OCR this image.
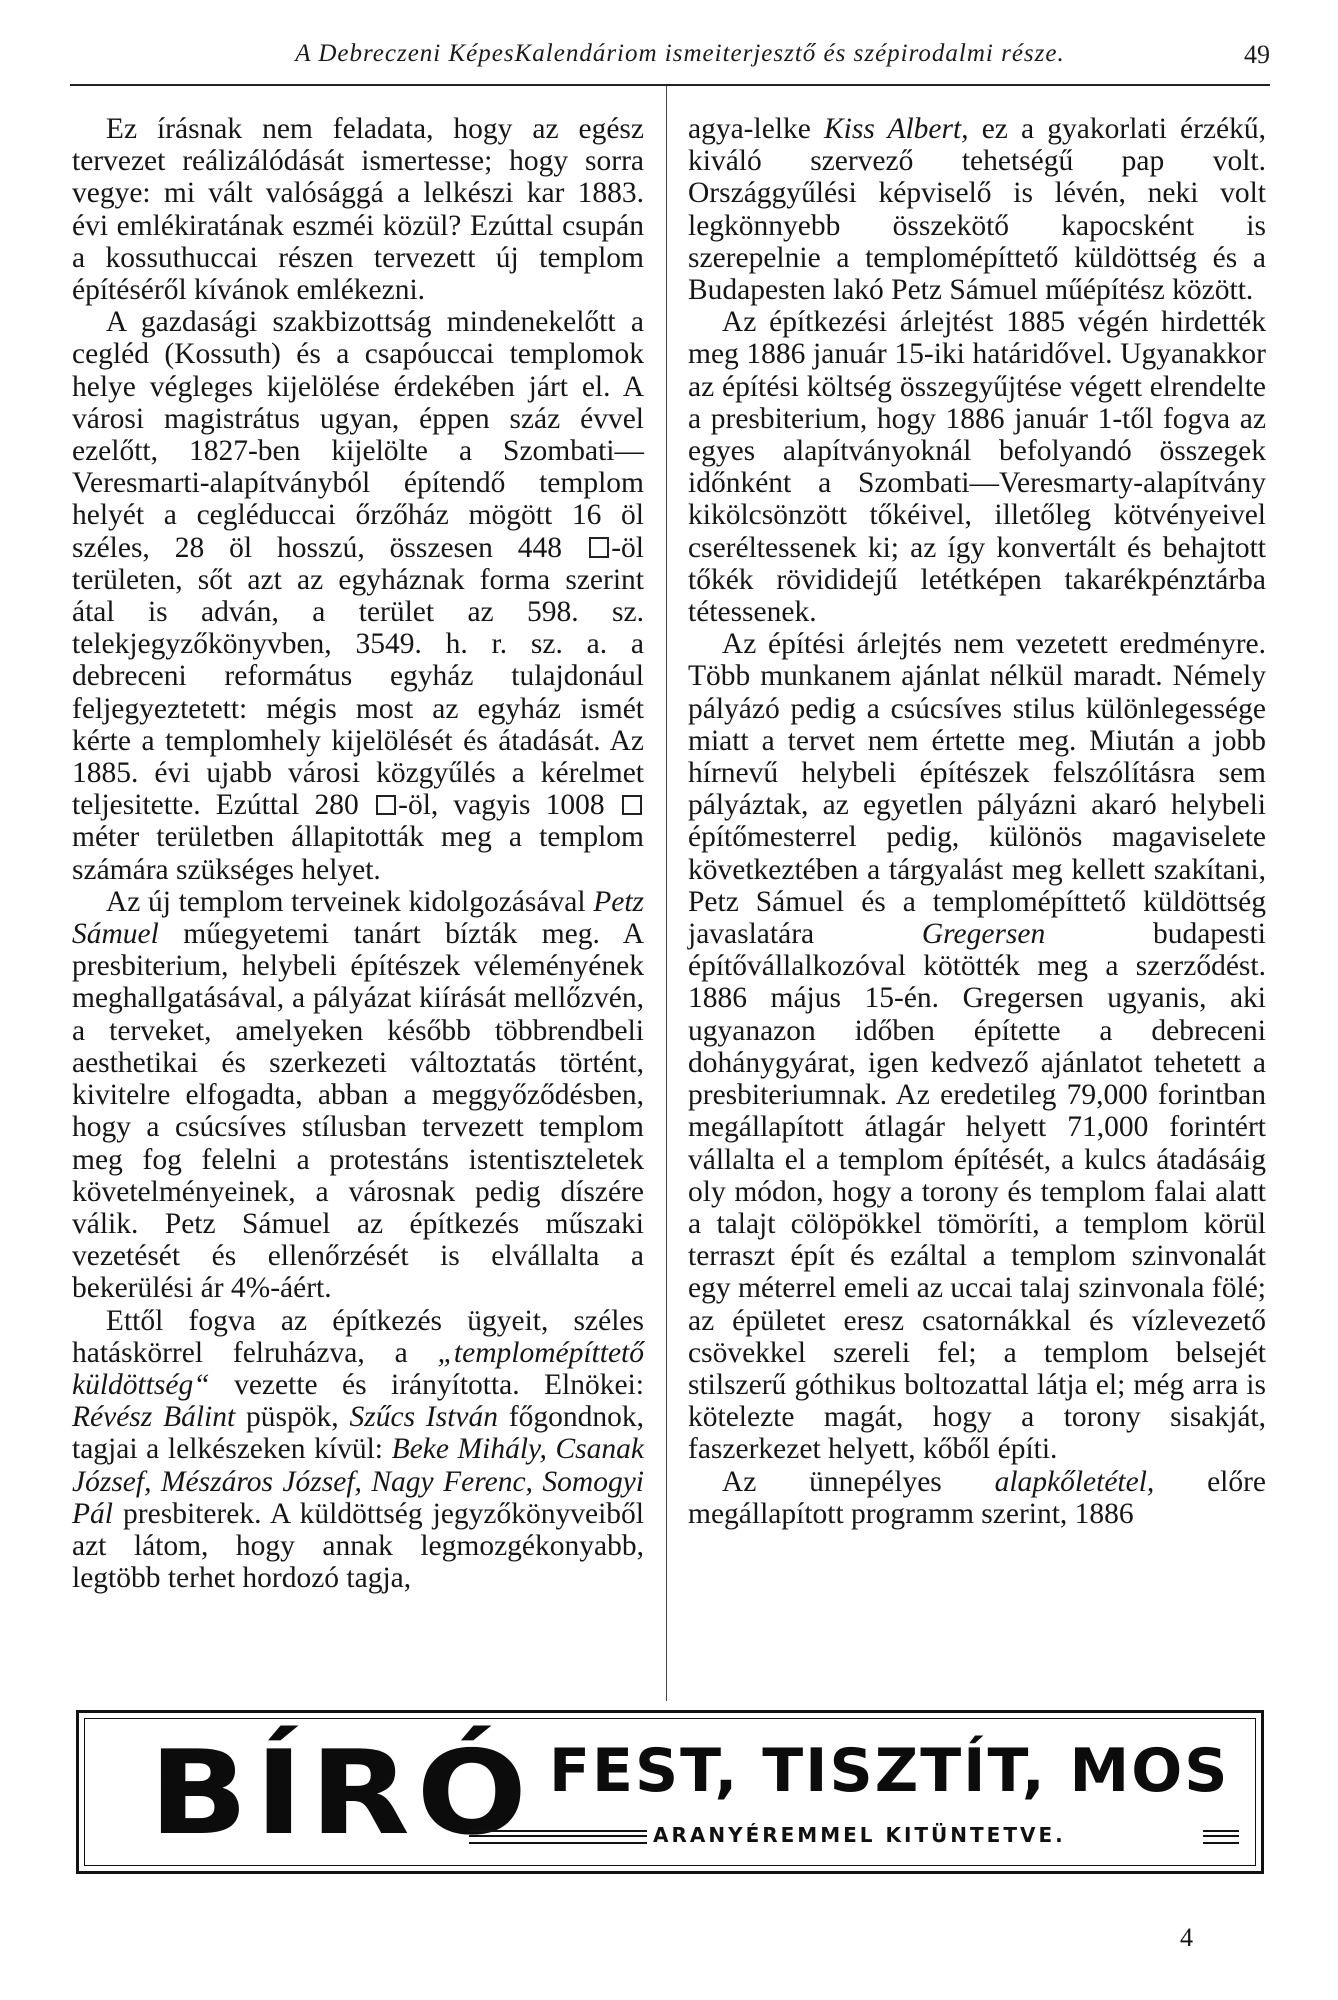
A Debreczeni KépesKalendáriom ismeiterjesztő és szépirodalmi része.	49

Ez írásnak nem feladata, hogy az egész tervezet reálizálódását ismertesse; hogy sorra vegye: mi vált valósággá a lelkészi kar 1883. évi emlékiratának eszméi közül? Ezúttal csupán a kossuthuccai részen tervezett új templom építéséről kívánok emlékezni.

A gazdasági szakbizottság mindenekelőtt a cegléd (Kossuth) és a csapóuccai templomok helye végleges kijelölése érdekében járt el. A városi magistrátus ugyan, éppen száz évvel ezelőtt, 1827-ben kijelölte a Szombati—Veresmarti-alapítványból építendő templom helyét a cegléduccai őrzőház mögött 16 öl széles, 28 öl hosszú, összesen 448 -öl területen, sőt azt az egyháznak forma szerint átal is adván, a terület az 598. sz. telekjegyzőkönyvben, 3549. h. r. sz. a. a debreceni református egyház tulajdonául feljegyeztetett: mégis most az egyház ismét kérte a templomhely kijelölését és átadását. Az 1885. évi ujabb városi közgyűlés a kérelmet teljesitette. Ezúttal 280 -öl, vagyis 1008  méter területben állapitották meg a templom számára szükséges helyet.

Az új templom terveinek kidolgozásával Petz Sámuel műegyetemi tanárt bízták meg. A presbiterium, helybeli építészek véleményének meghallgatásával, a pályázat kiírását mellőzvén, a terveket, amelyeken később többrendbeli aesthetikai és szerkezeti változtatás történt, kivitelre elfogadta, abban a meggyőződésben, hogy a csúcsíves stílusban tervezett templom meg fog felelni a protestáns istentiszteletek követelményeinek, a városnak pedig díszére válik. Petz Sámuel az építkezés műszaki vezetését és ellenőrzését is elvállalta a bekerülési ár 4%-áért.

Ettől fogva az építkezés ügyeit, széles hatáskörrel felruházva, a „templomépíttető küldöttség“ vezette és irányította. Elnökei: Révész Bálint püspök, Szűcs István főgondnok, tagjai a lelkészeken kívül: Beke Mihály, Csanak József, Mészáros József, Nagy Ferenc, Somogyi Pál presbiterek. A küldöttség jegyzőkönyveiből azt látom, hogy annak legmozgékonyabb, legtöbb terhet hordozó tagja,

agya-lelke Kiss Albert, ez a gyakorlati érzékű, kiváló szervező tehetségű pap volt. Országgyűlési képviselő is lévén, neki volt legkönnyebb összekötő kapocsként is szerepelnie a templomépíttető küldöttség és a Budapesten lakó Petz Sámuel műépítész között.

Az építkezési árlejtést 1885 végén hirdették meg 1886 január 15-iki határidővel. Ugyanakkor az építési költség összegyűjtése végett elrendelte a presbiterium, hogy 1886 január 1-től fogva az egyes alapítványoknál befolyandó összegek időnként a Szombati—Veresmarty-alapítvány kikölcsönzött tőkéivel, illetőleg kötvényeivel cseréltessenek ki; az így konvertált és behajtott tőkék rövididejű letétképen takarékpénztárba tétessenek.

Az építési árlejtés nem vezetett eredményre. Több munkanem ajánlat nélkül maradt. Némely pályázó pedig a csúcsíves stilus különlegessége miatt a tervet nem értette meg. Miután a jobb hírnevű helybeli építészek felszólításra sem pályáztak, az egyetlen pályázni akaró helybeli építőmesterrel pedig, különös magaviselete következtében a tárgyalást meg kellett szakítani, Petz Sámuel és a templomépíttető küldöttség javaslatára	Gregersen	budapesti építővállalkozóval kötötték meg a szerződést. 1886 május 15-én. Gregersen ugyanis, aki ugyanazon időben építette a debreceni dohánygyárat, igen kedvező ajánlatot tehetett a presbiteriumnak. Az eredetileg 79,000 forintban megállapított átlagár helyett 71,000 forintért vállalta el a templom építését, a kulcs átadásáig oly módon, hogy a torony és templom falai alatt a talajt cölöpökkel tömöríti, a templom körül terraszt épít és ezáltal a templom szinvonalát egy méterrel emeli az uccai talaj szinvonala fölé; az épületet eresz csatornákkal és vízlevezető csövekkel szereli fel; a templom belsejét stilszerű góthikus boltozattal látja el; még arra is kötelezte magát, hogy a torony sisakját, faszerkezet helyett, kőből építi.

Az ünnepélyes alapkőletétel, előre megállapított programm szerint, 1886

BÍRÓ FEST, TISZTÍT, MOS
ARANYÉREMMEL KITÜNTETVE.
4
